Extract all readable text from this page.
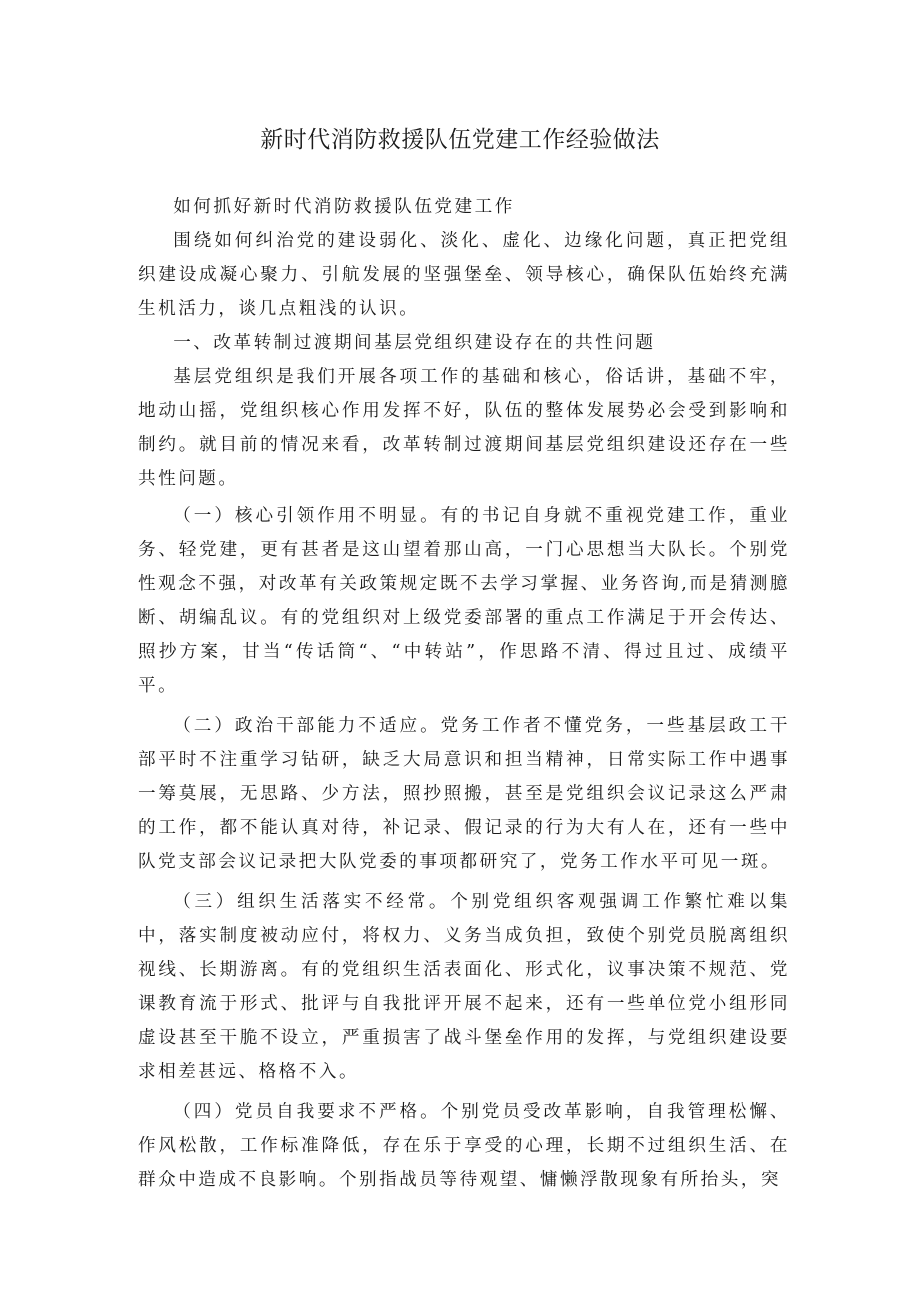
新时代消防救援队伍党建工作经验做法

如何抓好新时代消防救援队伍党建工作

围绕如何纠治党的建设弱化、淡化、虚化、边缘化问题，真正把党组织建设成凝心聚力、引航发展的坚强堡垒、领导核心，确保队伍始终充满生机活力，谈几点粗浅的认识。

一、改革转制过渡期间基层党组织建设存在的共性问题

基层党组织是我们开展各项工作的基础和核心，俗话讲，基础不牢，地动山摇，党组织核心作用发挥不好，队伍的整体发展势必会受到影响和制约。就目前的情况来看，改革转制过渡期间基层党组织建设还存在一些共性问题。

（一）核心引领作用不明显。有的书记自身就不重视党建工作，重业务、轻党建，更有甚者是这山望着那山高，一门心思想当大队长。个别党性观念不强，对改革有关政策规定既不去学习掌握、业务咨询,而是猜测臆断、胡编乱议。有的党组织对上级党委部署的重点工作满足于开会传达、照抄方案，甘当“传话筒“、“中转站”，作思路不清、得过且过、成绩平平。

（二）政治干部能力不适应。党务工作者不懂党务，一些基层政工干部平时不注重学习钻研，缺乏大局意识和担当精神，日常实际工作中遇事一筹莫展，无思路、少方法，照抄照搬，甚至是党组织会议记录这么严肃的工作，都不能认真对待，补记录、假记录的行为大有人在，还有一些中队党支部会议记录把大队党委的事项都研究了，党务工作水平可见一斑。

（三）组织生活落实不经常。个别党组织客观强调工作繁忙难以集中，落实制度被动应付，将权力、义务当成负担，致使个别党员脱离组织视线、长期游离。有的党组织生活表面化、形式化，议事决策不规范、党课教育流于形式、批评与自我批评开展不起来，还有一些单位党小组形同虚设甚至干脆不设立，严重损害了战斗堡垒作用的发挥，与党组织建设要求相差甚远、格格不入。

（四）党员自我要求不严格。个别党员受改革影响，自我管理松懈、作风松散，工作标准降低，存在乐于享受的心理，长期不过组织生活、在群众中造成不良影响。个别指战员等待观望、慵懒浮散现象有所抬头，突
